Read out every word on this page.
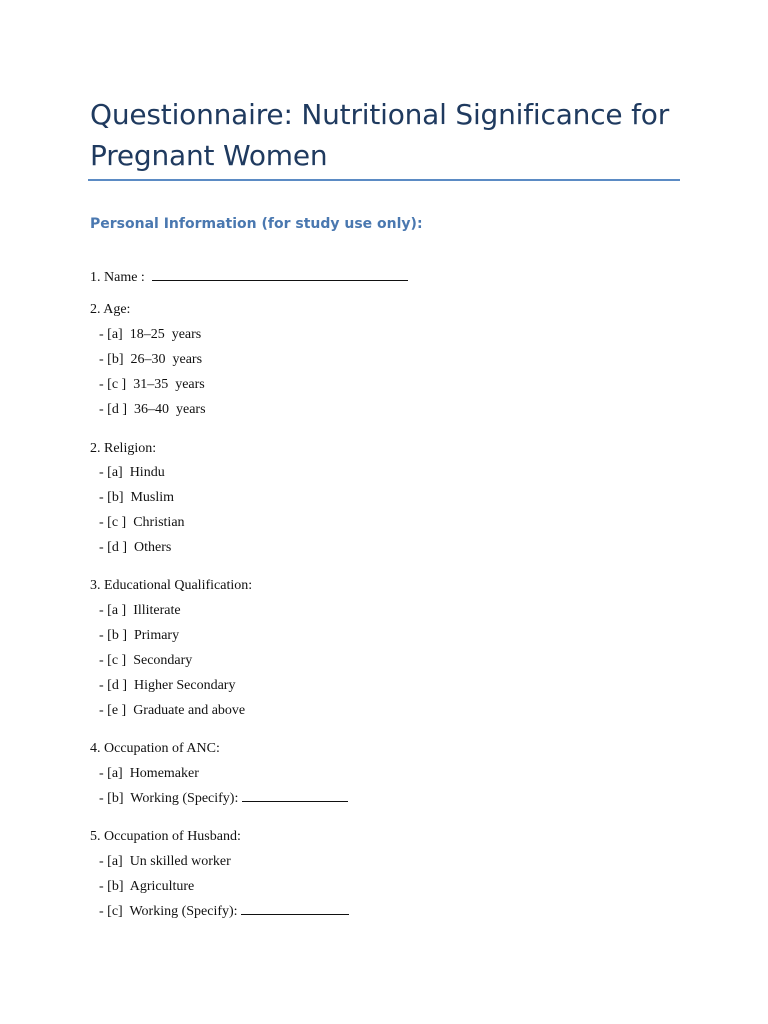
Questionnaire: Nutritional Significance for Pregnant Women
Personal Information (for study use only):
1. Name :
2. Age:
- [a]  18–25  years
- [b]  26–30  years
- [c ]  31–35  years
- [d ]  36–40  years
2. Religion:
- [a]  Hindu
- [b]  Muslim
- [c ]  Christian
- [d ]  Others
3. Educational Qualification:
- [a ]  Illiterate
- [b ]  Primary
- [c ]  Secondary
- [d ]  Higher Secondary
- [e ]  Graduate and above
4. Occupation of ANC:
- [a]  Homemaker
- [b]  Working (Specify):
5. Occupation of Husband:
- [a]  Un skilled worker
- [b]  Agriculture
- [c]  Working (Specify):
